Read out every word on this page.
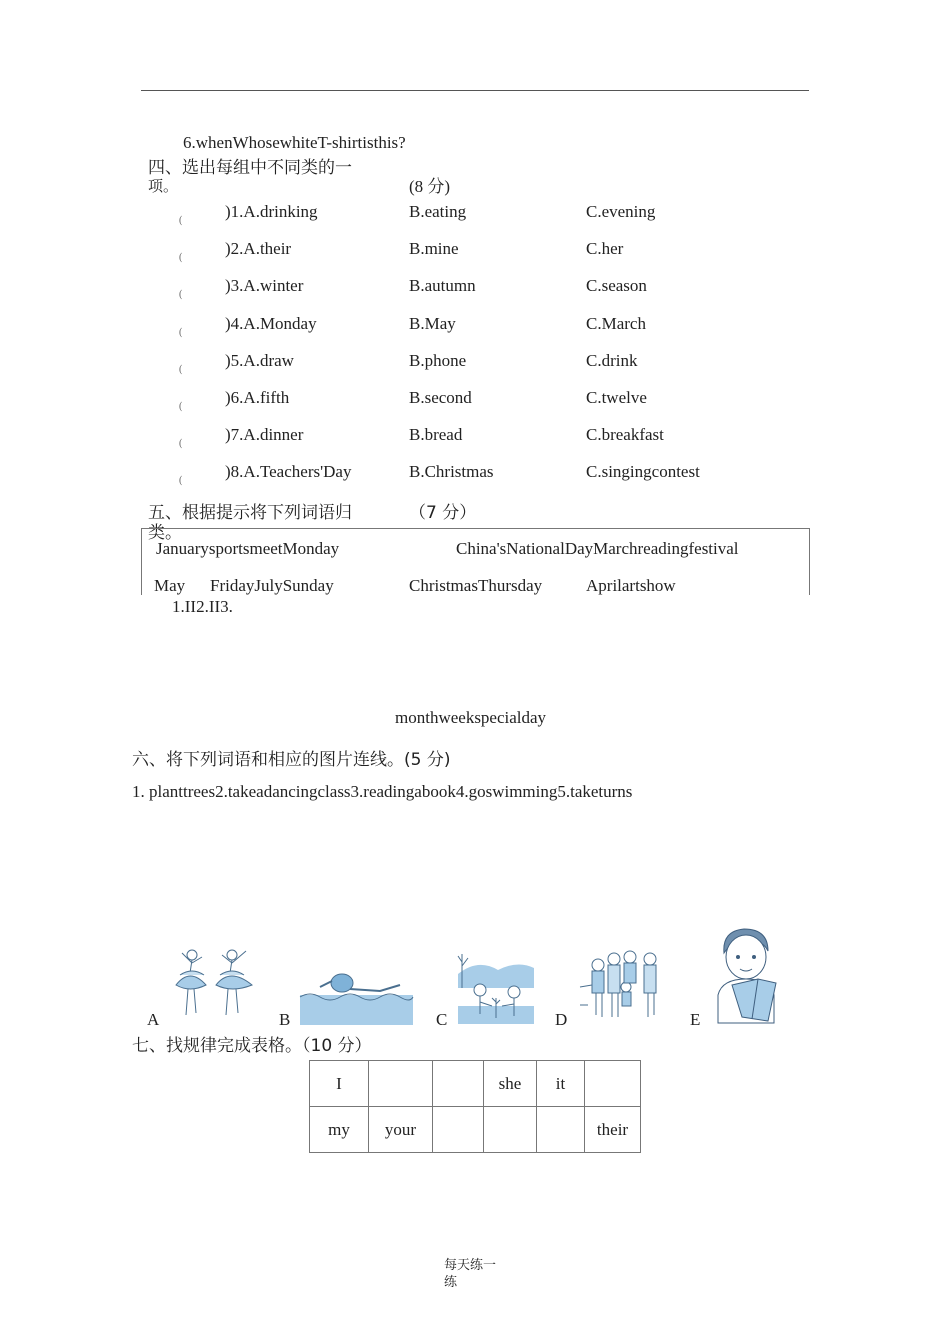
6.whenWhosewhiteT-shirtisthis?
四、选出每组中不同类的一
项。	(8 分)
(	)1.A.drinking	B.eating	C.evening
(	)2.A.their	B.mine	C.her
(	)3.A.winter	B.autumn	C.season
(	)4.A.Monday	B.May	C.March
(	)5.A.draw	B.phone	C.drink
(	)6.A.fifth	B.second	C.twelve
(	)7.A.dinner	B.bread	C.breakfast
(	)8.A.Teachers'Day	B.Christmas	C.singingcontest
五、根据提示将下列词语归
类。
（7 分）
JanuarysportsmeetMonday	China'sNationalDayMarchreadingfestival
May FridayJulySunday	ChristmasThursday	Aprilartshow
1.II2.II3.
monthweekspecialday
六、将下列词语和相应的图片连线。(5 分)
1. planttrees2.takeadancingclass3.readingabook4.goswimming5.taketurns
A	B	C	D	E
七、找规律完成表格。（10 分）
I			she	it	
my	your				their
每天练一
练
